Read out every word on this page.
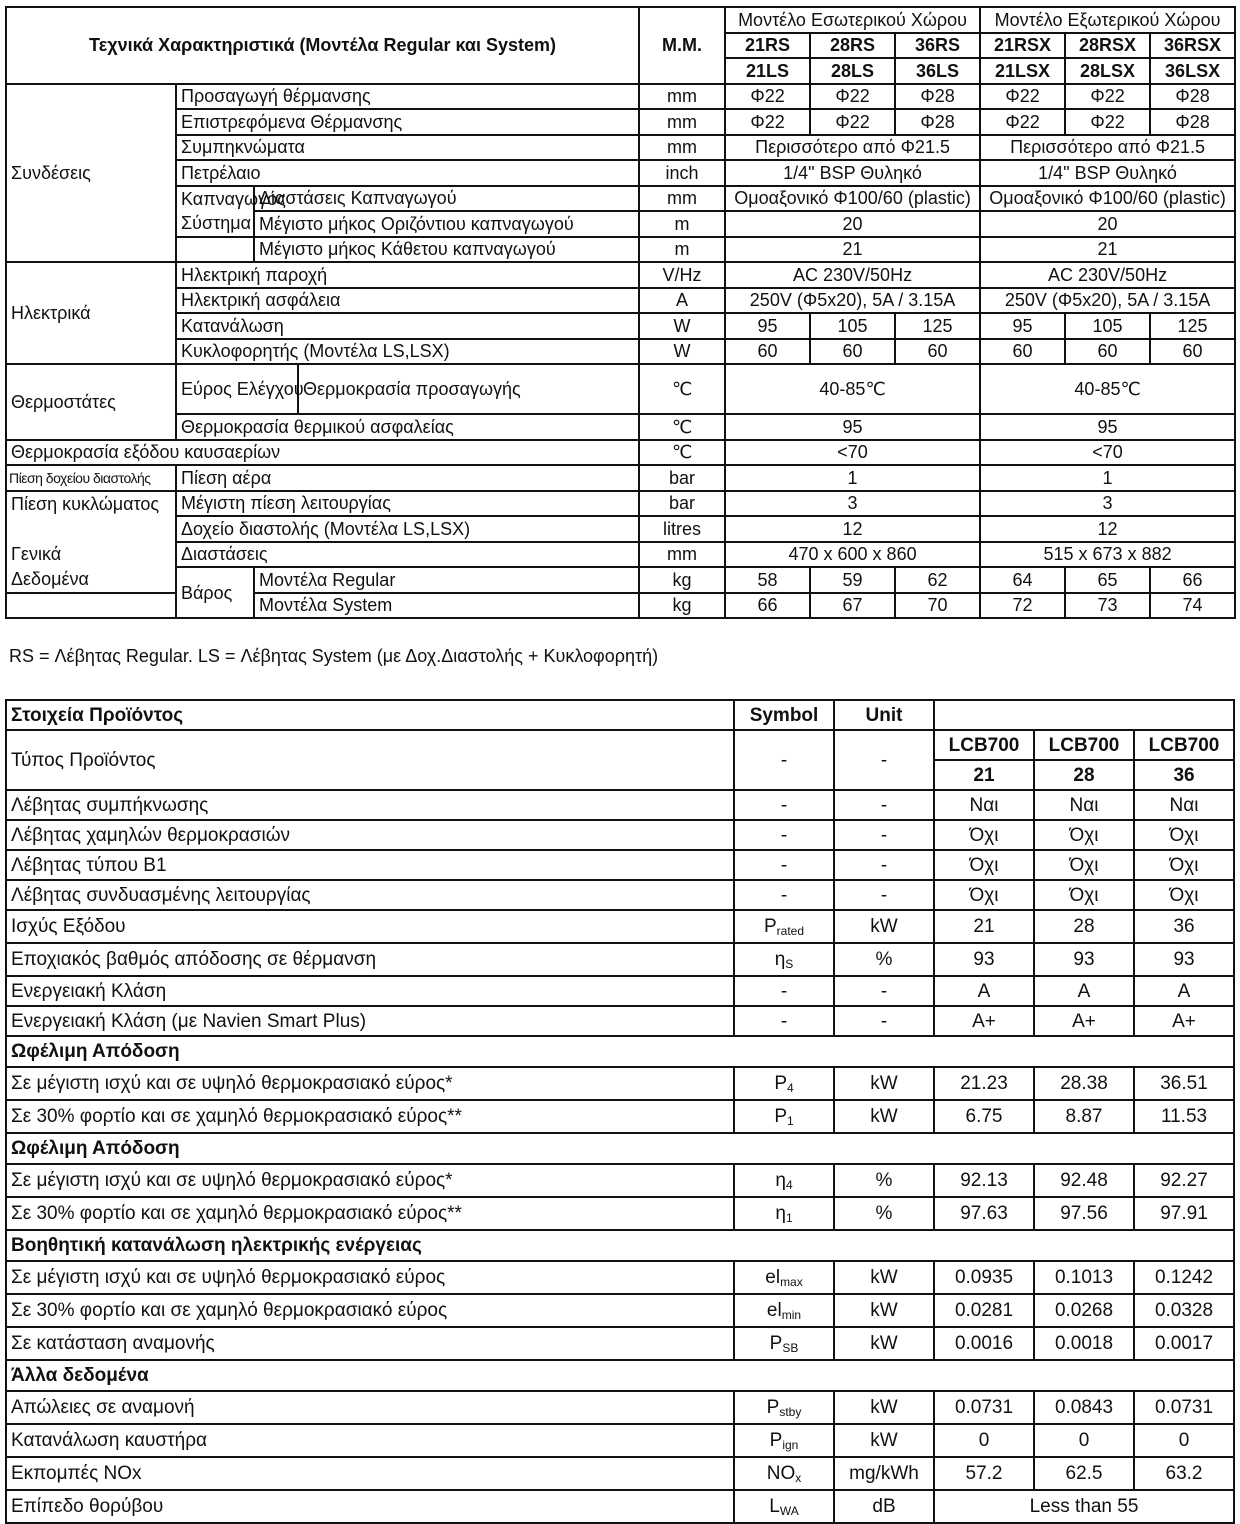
Τεχνικά Χαρακτηριστικά (Μοντέλα Regular και System)				Μ.Μ.	Μοντέλο Εσωτερικού Χώρου			Μοντέλο Εξωτερικού Χώρου		
					21RS	28RS	36RS	21RSX	28RSX	36RSX
					21LS	28LS	36LS	21LSX	28LSX	36LSX
Συνδέσεις	Προσαγωγή θέρμανσης			mm	Φ22	Φ22	Φ28	Φ22	Φ22	Φ28
	Επιστρεφόμενα Θέρμανσης			mm	Φ22	Φ22	Φ28	Φ22	Φ22	Φ28
	Συμπηκνώματα			mm	Περισσότερο από Φ21.5			Περισσότερο από Φ21.5		
	Πετρέλαιο			inch	1/4" BSP Θυληκό			1/4" BSP Θυληκό		
	Καπναγωγός	Διαστάσεις Καπναγωγού		mm	Ομοαξονικό Φ100/60 (plastic)			Ομοαξονικό Φ100/60 (plastic)		
	Σύστημα	Μέγιστο μήκος Οριζόντιου καπναγωγού		m	20			20		
		Μέγιστο μήκος Κάθετου καπναγωγού		m	21			21		
Ηλεκτρικά	Ηλεκτρική παροχή			V/Hz	AC 230V/50Hz			AC 230V/50Hz		
	Ηλεκτρική ασφάλεια			A	250V (Φ5x20), 5A / 3.15A			250V (Φ5x20), 5A / 3.15A		
	Κατανάλωση			W	95	105	125	95	105	125
	Κυκλοφορητής (Μοντέλα LS,LSX)			W	60	60	60	60	60	60
Θερμοστάτες	Εύρος Ελέγχου		Θερμοκρασία προσαγωγής	℃	40-85℃			40-85℃		
	Θερμοκρασία θερμικού ασφαλείας			℃	95			95		
Θερμοκρασία εξόδου καυσαερίων				℃	<70			<70		
Πίεση δοχείου διαστολής	Πίεση αέρα			bar	1			1		
Πίεση κυκλώματος	Μέγιστη πίεση λειτουργίας			bar	3			3		
	Δοχείο διαστολής (Μοντέλα LS,LSX)			litres	12			12		
Γενικά	Διαστάσεις			mm	470 x 600 x 860			515 x 673 x 882		
Δεδομένα	Βάρος	Μοντέλα Regular		kg	58	59	62	64	65	66
		Μοντέλα System		kg	66	67	70	72	73	74
RS = Λέβητας Regular. LS = Λέβητας System (με Δοχ.Διαστολής + Κυκλοφορητή)
Στοιχεία Προϊόντος	Symbol	Unit			
Τύπος Προϊόντος	-	-	LCB700	LCB700	LCB700
			21	28	36
Λέβητας συμπήκνωσης	-	-	Ναι	Ναι	Ναι
Λέβητας χαμηλών θερμοκρασιών	-	-	Όχι	Όχι	Όχι
Λέβητας τύπου Β1	-	-	Όχι	Όχι	Όχι
Λέβητας συνδυασμένης λειτουργίας	-	-	Όχι	Όχι	Όχι
Ισχύς Εξόδου	$P_{rated}$	kW	21	28	36
Εποχιακός βαθμός απόδοσης σε θέρμανση	$\eta_S$	%	93	93	93
Ενεργειακή Κλάση	-	-	A	A	A
Ενεργειακή Κλάση (με Navien Smart Plus)	-	-	A+	A+	A+
Ωφέλιμη Απόδοση					
Σε μέγιστη ισχύ και σε υψηλό θερμοκρασιακό εύρος*	$P_4$	kW	21.23	28.38	36.51
Σε 30% φορτίο και σε χαμηλό θερμοκρασιακό εύρος**	$P_1$	kW	6.75	8.87	11.53
Ωφέλιμη Απόδοση					
Σε μέγιστη ισχύ και σε υψηλό θερμοκρασιακό εύρος*	$\eta_4$	%	92.13	92.48	92.27
Σε 30% φορτίο και σε χαμηλό θερμοκρασιακό εύρος**	$\eta_1$	%	97.63	97.56	97.91
Βοηθητική κατανάλωση ηλεκτρικής ενέργειας					
Σε μέγιστη ισχύ και σε υψηλό θερμοκρασιακό εύρος	$el_{max}$	kW	0.0935	0.1013	0.1242
Σε 30% φορτίο και σε χαμηλό θερμοκρασιακό εύρος	$el_{min}$	kW	0.0281	0.0268	0.0328
Σε κατάσταση αναμονής	$P_{SB}$	kW	0.0016	0.0018	0.0017
Άλλα δεδομένα					
Απώλειες σε αναμονή	$P_{stby}$	kW	0.0731	0.0843	0.0731
Κατανάλωση καυστήρα	$P_{ign}$	kW	0	0	0
Εκπομπές NOx	$NO_x$	mg/kWh	57.2	62.5	63.2
Επίπεδο θορύβου	$L_{WA}$	dB	Less than 55		
